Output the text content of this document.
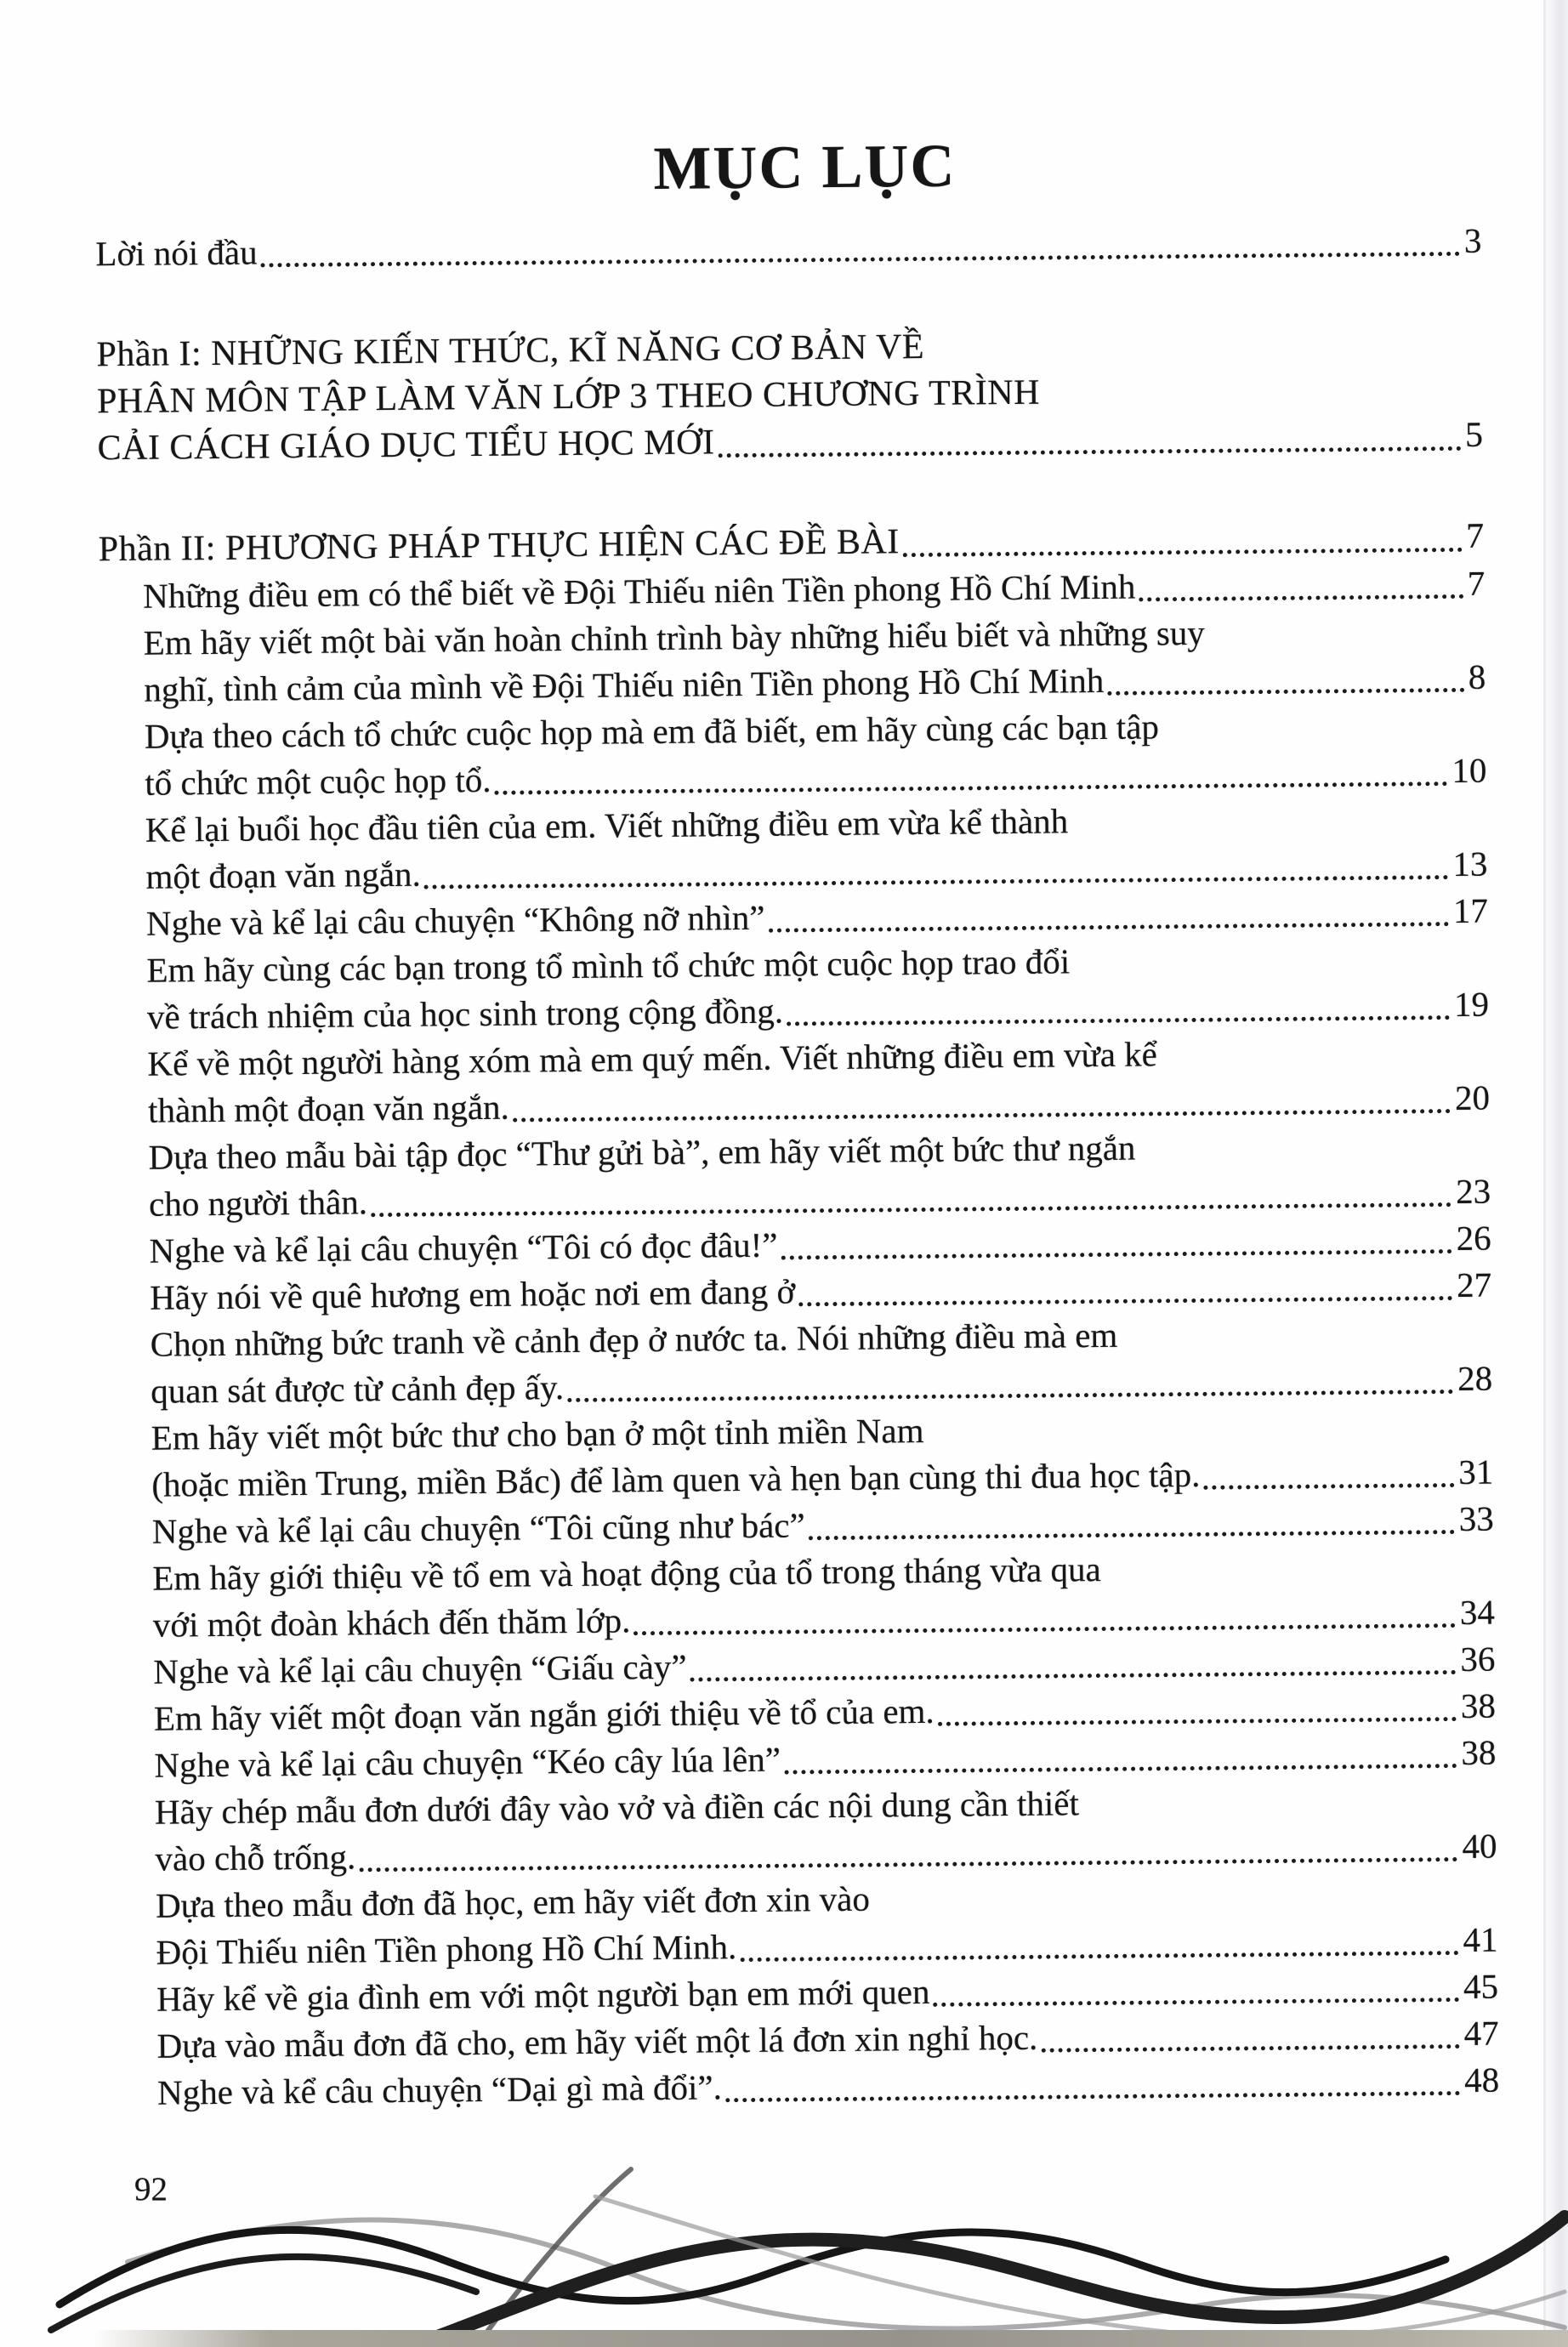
MỤC LỤC
Lời nói đầu	3
Phần I: NHỮNG KIẾN THỨC, KĨ NĂNG CƠ BẢN VỀ
PHÂN MÔN TẬP LÀM VĂN LỚP 3 THEO CHƯƠNG TRÌNH
CẢI CÁCH GIÁO DỤC TIỂU HỌC MỚI	5
Phần II: PHƯƠNG PHÁP THỰC HIỆN CÁC ĐỀ BÀI	7
Những điều em có thể biết về Đội Thiếu niên Tiền phong Hồ Chí Minh	7
Em hãy viết một bài văn hoàn chỉnh trình bày những hiểu biết và những suy
nghĩ, tình cảm của mình về Đội Thiếu niên Tiền phong Hồ Chí Minh	8
Dựa theo cách tổ chức cuộc họp mà em đã biết, em hãy cùng các bạn tập
tổ chức một cuộc họp tổ.	10
Kể lại buổi học đầu tiên của em. Viết những điều em vừa kể thành
một đoạn văn ngắn.	13
Nghe và kể lại câu chuyện “Không nỡ nhìn”	17
Em hãy cùng các bạn trong tổ mình tổ chức một cuộc họp trao đổi
về trách nhiệm của học sinh trong cộng đồng.	19
Kể về một người hàng xóm mà em quý mến. Viết những điều em vừa kể
thành một đoạn văn ngắn.	20
Dựa theo mẫu bài tập đọc “Thư gửi bà”, em hãy viết một bức thư ngắn
cho người thân.	23
Nghe và kể lại câu chuyện “Tôi có đọc đâu!”	26
Hãy nói về quê hương em hoặc nơi em đang ở	27
Chọn những bức tranh về cảnh đẹp ở nước ta. Nói những điều mà em
quan sát được từ cảnh đẹp ấy.	28
Em hãy viết một bức thư cho bạn ở một tỉnh miền Nam
(hoặc miền Trung, miền Bắc) để làm quen và hẹn bạn cùng thi đua học tập.	31
Nghe và kể lại câu chuyện “Tôi cũng như bác”	33
Em hãy giới thiệu về tổ em và hoạt động của tổ trong tháng vừa qua
với một đoàn khách đến thăm lớp.	34
Nghe và kể lại câu chuyện “Giấu cày”	36
Em hãy viết một đoạn văn ngắn giới thiệu về tổ của em.	38
Nghe và kể lại câu chuyện “Kéo cây lúa lên”	38
Hãy chép mẫu đơn dưới đây vào vở và điền các nội dung cần thiết
vào chỗ trống.	40
Dựa theo mẫu đơn đã học, em hãy viết đơn xin vào
Đội Thiếu niên Tiền phong Hồ Chí Minh.	41
Hãy kể về gia đình em với một người bạn em mới quen	45
Dựa vào mẫu đơn đã cho, em hãy viết một lá đơn xin nghỉ học.	47
Nghe và kể câu chuyện “Dại gì mà đổi”.	48
92
